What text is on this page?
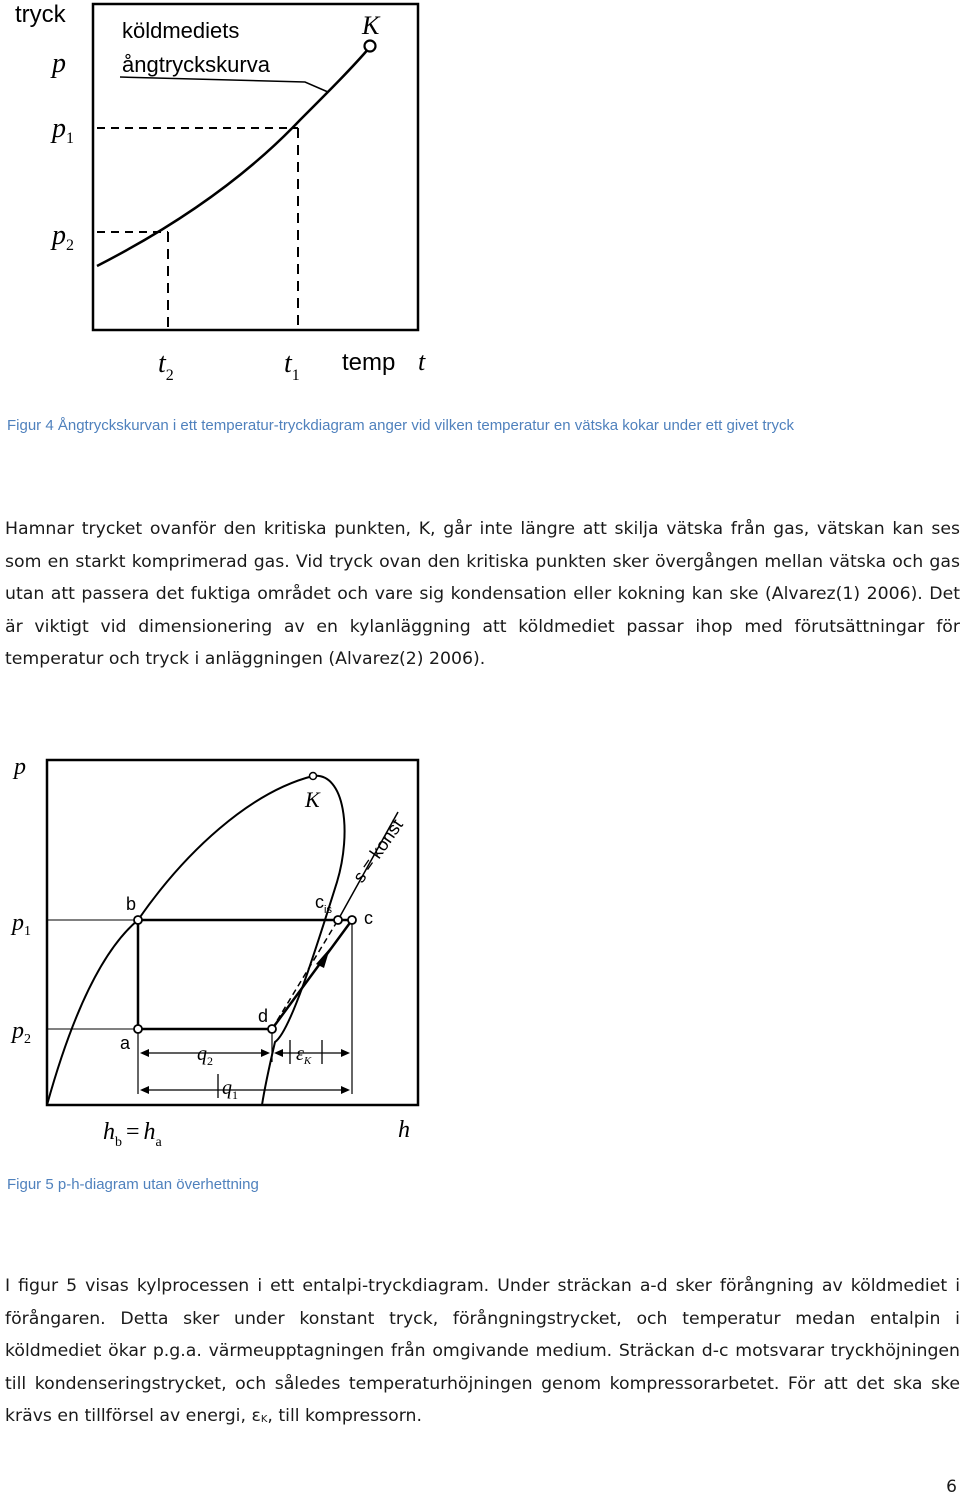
tryck
p
$p_1$
$p_2$
$t_2$	$t_1$ temp t
köldmediets
ångtryckskurva
K
Figur 4 Ångtryckskurvan i ett temperatur-tryckdiagram anger vid vilken temperatur en vätska kokar under ett givet tryck

Hamnar trycket ovanför den kritiska punkten, K, går inte längre att skilja vätska från gas, vätskan kan ses som en starkt komprimerad gas. Vid tryck ovan den kritiska punkten sker övergången mellan vätska och gas utan att passera det fuktiga området och vare sig kondensation eller kokning kan ske (Alvarez(1) 2006). Det är viktigt vid dimensionering av en kylanläggning att köldmediet passar ihop med förutsättningar för temperatur och tryck i anläggningen (Alvarez(2) 2006).

p
$p_1$
$p_2$
K
b
a
d
c
$c_{is}$
s = konst
$q_2$	$\varepsilon_K$
$q_1$
$h_b = h_a$	h
Figur 5 p-h-diagram utan överhettning

I figur 5 visas kylprocessen i ett entalpi-tryckdiagram. Under sträckan a-d sker förångning av köldmediet i förångaren. Detta sker under konstant tryck, förångningstrycket, och temperatur medan entalpin i köldmediet ökar p.g.a. värmeupptagningen från omgivande medium. Sträckan d-c motsvarar tryckhöjningen till kondenseringstrycket, och således temperaturhöjningen genom kompressorarbetet. För att det ska ske krävs en tillförsel av energi, $\varepsilon_K$, till kompressorn.

6
